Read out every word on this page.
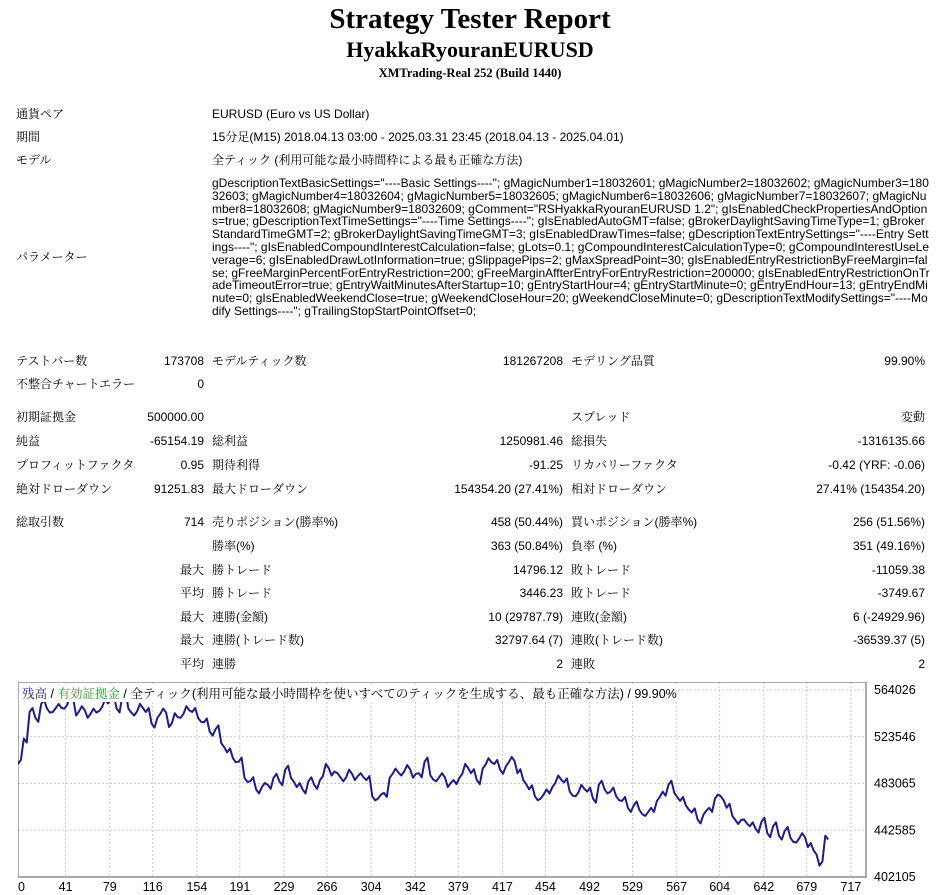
Strategy Tester Report
HyakkaRyouranEURUSD
XMTrading-Real 252 (Build 1440)
通貨ペア	EURUSD (Euro vs US Dollar)
期間	15分足(M15) 2018.04.13 03:00 - 2025.03.31 23:45 (2018.04.13 - 2025.04.01)
モデル	全ティック (利用可能な最小時間枠による最も正確な方法)
パラメーター
gDescriptionTextBasicSettings="----Basic Settings----"; gMagicNumber1=18032601; gMagicNumber2=18032602; gMagicNumber3=18032603; gMagicNumber4=18032604; gMagicNumber5=18032605; gMagicNumber6=18032606; gMagicNumber7=18032607; gMagicNumber8=18032608; gMagicNumber9=18032609; gComment="RSHyakkaRyouranEURUSD 1.2"; gIsEnabledCheckPropertiesAndOptions=true; gDescriptionTextTimeSettings="----Time Settings----"; gIsEnabledAutoGMT=false; gBrokerDaylightSavingTimeType=1; gBrokerStandardTimeGMT=2; gBrokerDaylightSavingTimeGMT=3; gIsEnabledDrawTimes=false; gDescriptionTextEntrySettings="----Entry Settings----"; gIsEnabledCompoundInterestCalculation=false; gLots=0.1; gCompoundInterestCalculationType=0; gCompoundInterestUseLeverage=6; gIsEnabledDrawLotInformation=true; gSlippagePips=2; gMaxSpreadPoint=30; gIsEnabledEntryRestrictionByFreeMargin=false; gFreeMarginPercentForEntryRestriction=200; gFreeMarginAffterEntryForEntryRestriction=200000; gIsEnabledEntryRestrictionOnTradeTimeoutError=true; gEntryWaitMinutesAfterStartup=10; gEntryStartHour=4; gEntryStartMinute=0; gEntryEndHour=13; gEntryEndMinute=0; gIsEnabledWeekendClose=true; gWeekendCloseHour=20; gWeekendCloseMinute=0; gDescriptionTextModifySettings="----Modify Settings----"; gTrailingStopStartPointOffset=0;
テストバー数	173708 モデルティック数	181267208 モデリング品質	99.90%
不整合チャートエラー	0
初期証拠金	500000.00	スプレッド	変動
純益	-65154.19 総利益	1250981.46 総損失	-1316135.66
プロフィットファクタ	0.95 期待利得	-91.25 リカバリーファクタ	-0.42 (YRF: -0.06)
絶対ドローダウン	91251.83 最大ドローダウン	154354.20 (27.41%) 相対ドローダウン	27.41% (154354.20)
総取引数	714 売りポジション(勝率%)	458 (50.44%) 買いポジション(勝率%)	256 (51.56%)
勝率(%)	363 (50.84%) 負率 (%)	351 (49.16%)
最大 勝トレード	14796.12 敗トレード	-11059.38
平均 勝トレード	3446.23 敗トレード	-3749.67
最大 連勝(金額)	10 (29787.79) 連敗(金額)	6 (-24929.96)
最大 連勝(トレード数)	32797.64 (7) 連敗(トレード数)	-36539.37 (5)
平均 連勝	2 連敗	2
564026
523546
483065
442585
402105
0	41 79 116 154 191 229 266 304 342 379 417 454 492 529 567 604 642 679 717
残高 / 有効証拠金 / 全ティック(利用可能な最小時間枠を使いすべてのティックを生成する、最も正確な方法) / 99.90%
